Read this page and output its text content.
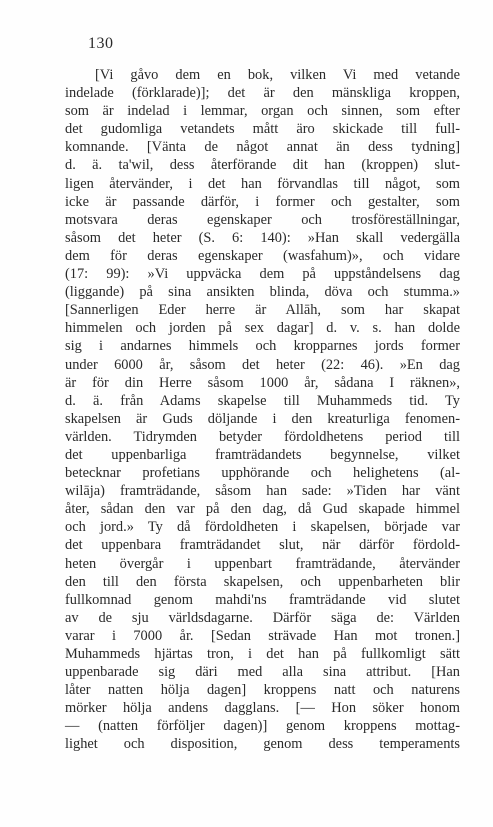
130
[Vi gåvo dem en bok, vilken Vi med vetande
indelade (förklarade)]; det är den mänskliga kroppen,
som är indelad i lemmar, organ och sinnen, som efter
det gudomliga vetandets mått äro skickade till full-
komnande. [Vänta de något annat än dess tydning]
d. ä. ta'wil, dess återförande dit han (kroppen) slut-
ligen återvänder, i det han förvandlas till något, som
icke är passande därför, i former och gestalter, som
motsvara deras egenskaper och trosföreställningar,
såsom det heter (S. 6: 140): »Han skall vedergälla
dem för deras egenskaper (wasfahum)», och vidare
(17: 99): »Vi uppväcka dem på uppståndelsens dag
(liggande) på sina ansikten blinda, döva och stumma.»
[Sannerligen Eder herre är Allāh, som har skapat
himmelen och jorden på sex dagar] d. v. s. han dolde
sig i andarnes himmels och kropparnes jords former
under 6000 år, såsom det heter (22: 46). »En dag
är för din Herre såsom 1000 år, sådana I räknen»,
d. ä. från Adams skapelse till Muhammeds tid. Ty
skapelsen är Guds döljande i den kreaturliga fenomen-
världen. Tidrymden betyder fördoldhetens period till
det uppenbarliga framträdandets begynnelse, vilket
betecknar profetians upphörande och helighetens (al-
wilāja) framträdande, såsom han sade: »Tiden har vänt
åter, sådan den var på den dag, då Gud skapade himmel
och jord.» Ty då fördoldheten i skapelsen, började var
det uppenbara framträdandet slut, när därför fördold-
heten övergår i uppenbart framträdande, återvänder
den till den första skapelsen, och uppenbarheten blir
fullkomnad genom mahdi'ns framträdande vid slutet
av de sju världsdagarne. Därför säga de: Världen
varar i 7000 år. [Sedan strävade Han mot tronen.]
Muhammeds hjärtas tron, i det han på fullkomligt sätt
uppenbarade sig däri med alla sina attribut. [Han
låter natten hölja dagen] kroppens natt och naturens
mörker hölja andens dagglans. [— Hon söker honom
— (natten förföljer dagen)] genom kroppens mottag-
lighet och disposition, genom dess temperaments
